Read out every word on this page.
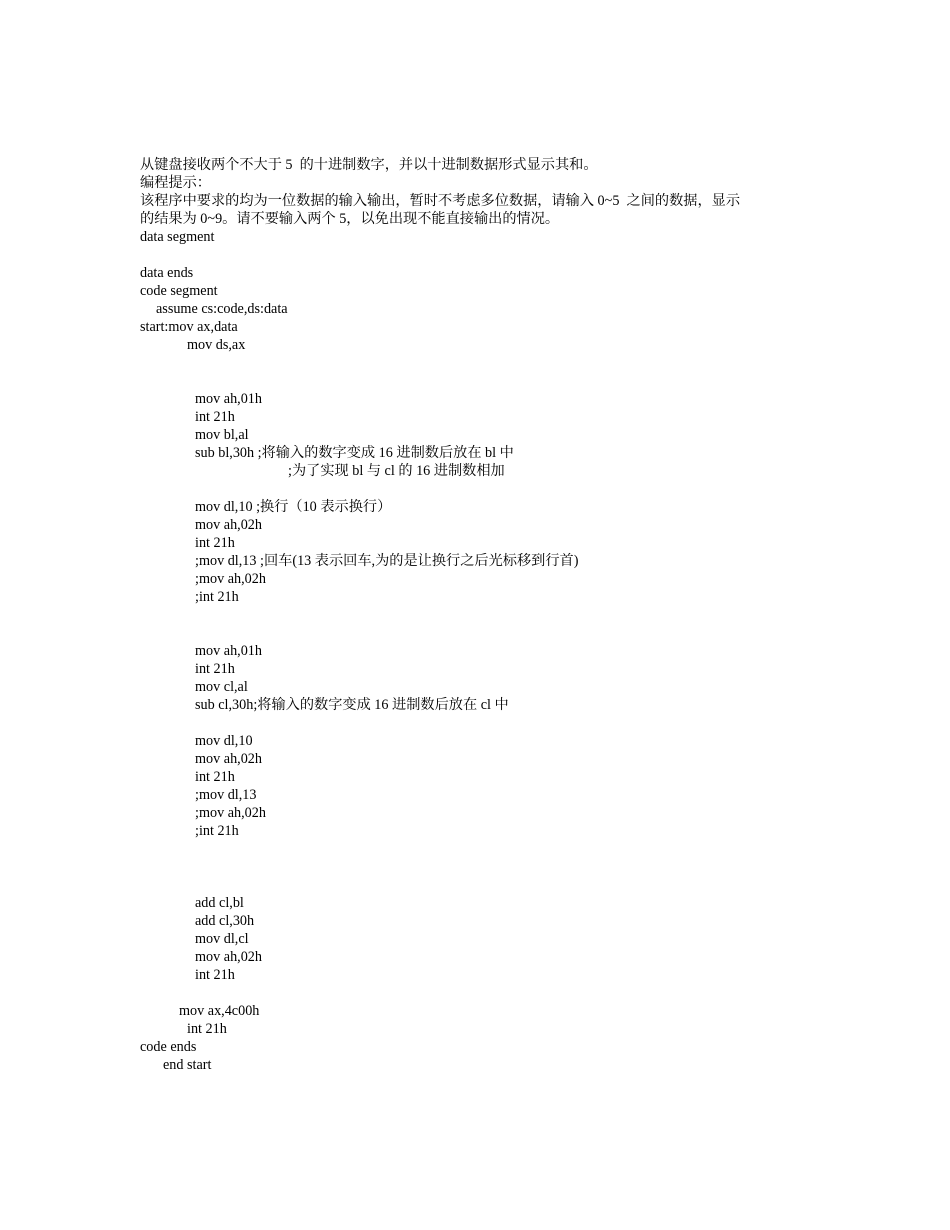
从键盘接收两个不大于 5  的十进制数字，并以十进制数据形式显示其和。
编程提示：
该程序中要求的均为一位数据的输入输出，暂时不考虑多位数据，请输入 0~5  之间的数据，显示
的结果为 0~9。请不要输入两个 5，以免出现不能直接输出的情况。
data segment
data ends
code segment
assume cs:code,ds:data
start:mov ax,data
mov ds,ax
mov ah,01h
int 21h
mov bl,al
sub bl,30h ;将输入的数字变成 16 进制数后放在 bl 中
;为了实现 bl 与 cl 的 16 进制数相加
mov dl,10 ;换行（10 表示换行）
mov ah,02h
int 21h
;mov dl,13 ;回车(13 表示回车,为的是让换行之后光标移到行首)
;mov ah,02h
;int 21h
mov ah,01h
int 21h
mov cl,al
sub cl,30h;将输入的数字变成 16 进制数后放在 cl 中
mov dl,10
mov ah,02h
int 21h
;mov dl,13
;mov ah,02h
;int 21h
add cl,bl
add cl,30h
mov dl,cl
mov ah,02h
int 21h
mov ax,4c00h
int 21h
code ends
end start
